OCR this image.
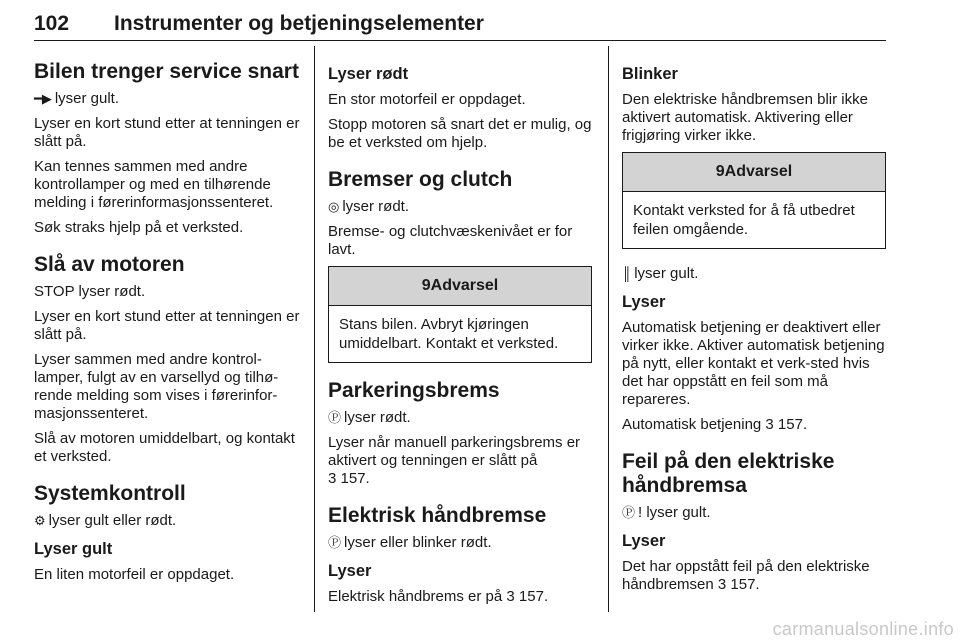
102 Instrumenter og betjeningselementer
Bilen trenger service snart

━▶ lyser gult.

Lyser en kort stund etter at tenningen er slått på.

Kan tennes sammen med andre kontrollamper og med en tilhørende melding i førerinformasjonssenteret.

Søk straks hjelp på et verksted.

Slå av motoren

STOP lyser rødt.

Lyser en kort stund etter at tenningen er slått på.

Lyser sammen med andre kontrol-lamper, fulgt av en varsellyd og tilhø-rende melding som vises i førerinfor-masjonssenteret.

Slå av motoren umiddelbart, og kontakt et verksted.

Systemkontroll

⚙ lyser gult eller rødt.

Lyser gult

En liten motorfeil er oppdaget.

Lyser rødt

En stor motorfeil er oppdaget.

Stopp motoren så snart det er mulig, og be et verksted om hjelp.

Bremser og clutch

◎ lyser rødt.

Bremse- og clutchvæskenivået er for lavt.

9Advarsel
Stans bilen. Avbryt kjøringen umiddelbart. Kontakt et verksted.
Parkeringsbrems

Ⓟ lyser rødt.

Lyser når manuell parkeringsbrems er aktivert og tenningen er slått på
3 157.

Elektrisk håndbremse

Ⓟ lyser eller blinker rødt.

Lyser

Elektrisk håndbrems er på 3 157.

Blinker

Den elektriske håndbremsen blir ikke aktivert automatisk. Aktivering eller frigjøring virker ikke.

9Advarsel
Kontakt verksted for å få utbedret feilen omgående.

║ lyser gult.

Lyser

Automatisk betjening er deaktivert eller virker ikke. Aktiver automatisk betjening på nytt, eller kontakt et verk-sted hvis det har oppstått en feil som må repareres.

Automatisk betjening 3 157.

Feil på den elektriske håndbremsa

Ⓟ ! lyser gult.

Lyser

Det har oppstått feil på den elektriske håndbremsen 3 157.

carmanualsonline.info
